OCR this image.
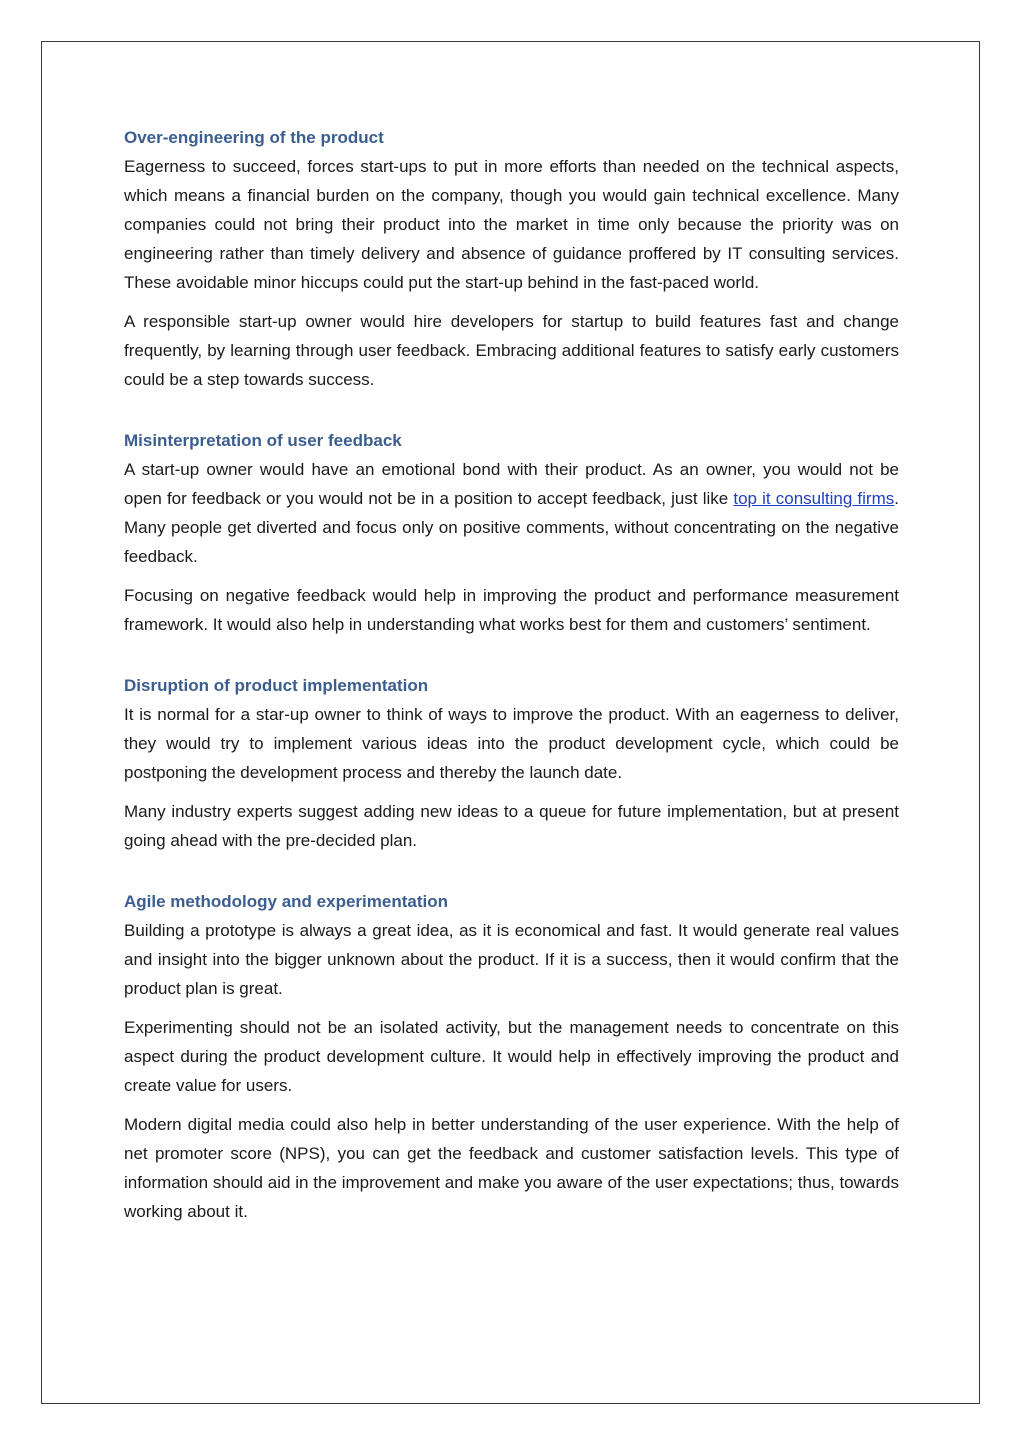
Over-engineering of the product

Eagerness to succeed, forces start-ups to put in more efforts than needed on the technical aspects, which means a financial burden on the company, though you would gain technical excellence. Many companies could not bring their product into the market in time only because the priority was on engineering rather than timely delivery and absence of guidance proffered by IT consulting services. These avoidable minor hiccups could put the start-up behind in the fast-paced world.

A responsible start-up owner would hire developers for startup to build features fast and change frequently, by learning through user feedback. Embracing additional features to satisfy early customers could be a step towards success.

Misinterpretation of user feedback

A start-up owner would have an emotional bond with their product. As an owner, you would not be open for feedback or you would not be in a position to accept feedback, just like top it consulting firms. Many people get diverted and focus only on positive comments, without concentrating on the negative feedback.

Focusing on negative feedback would help in improving the product and performance measurement framework. It would also help in understanding what works best for them and customers’ sentiment.

Disruption of product implementation

It is normal for a star-up owner to think of ways to improve the product. With an eagerness to deliver, they would try to implement various ideas into the product development cycle, which could be postponing the development process and thereby the launch date.

Many industry experts suggest adding new ideas to a queue for future implementation, but at present going ahead with the pre-decided plan.

Agile methodology and experimentation

Building a prototype is always a great idea, as it is economical and fast. It would generate real values and insight into the bigger unknown about the product. If it is a success, then it would confirm that the product plan is great.

Experimenting should not be an isolated activity, but the management needs to concentrate on this aspect during the product development culture. It would help in effectively improving the product and create value for users.

Modern digital media could also help in better understanding of the user experience. With the help of net promoter score (NPS), you can get the feedback and customer satisfaction levels. This type of information should aid in the improvement and make you aware of the user expectations; thus, towards working about it.
